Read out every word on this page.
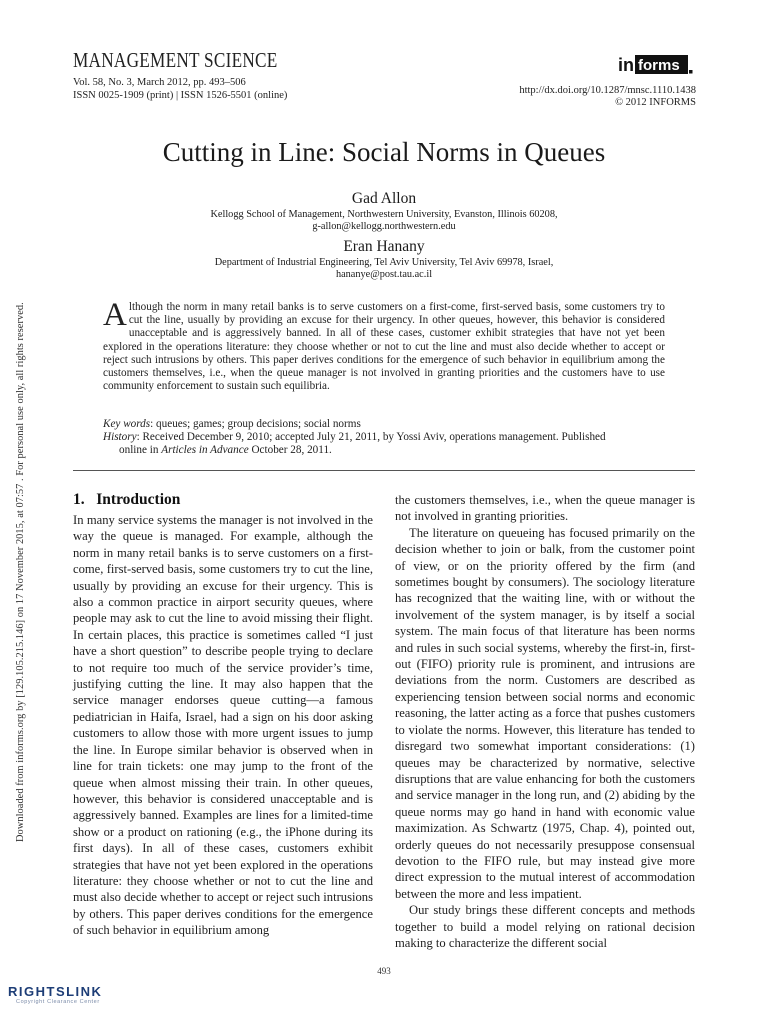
Downloaded from informs.org by [129.105.215.146] on 17 November 2015, at 07:57 . For personal use only, all rights reserved.
MANAGEMENT SCIENCE
Vol. 58, No. 3, March 2012, pp. 493–506
ISSN 0025-1909 (print) | ISSN 1526-5501 (online)
in forms
http://dx.doi.org/10.1287/mnsc.1110.1438
© 2012 INFORMS
Cutting in Line: Social Norms in Queues
Gad Allon
Kellogg School of Management, Northwestern University, Evanston, Illinois 60208,
g-allon@kellogg.northwestern.edu
Eran Hanany
Department of Industrial Engineering, Tel Aviv University, Tel Aviv 69978, Israel,
hananye@post.tau.ac.il
Although the norm in many retail banks is to serve customers on a first-come, first-served basis, some customers try to cut the line, usually by providing an excuse for their urgency. In other queues, however, this behavior is considered unacceptable and is aggressively banned. In all of these cases, customer exhibit strategies that have not yet been explored in the operations literature: they choose whether or not to cut the line and must also decide whether to accept or reject such intrusions by others. This paper derives conditions for the emergence of such behavior in equilibrium among the customers themselves, i.e., when the queue manager is not involved in granting priorities and the customers have to use community enforcement to sustain such equilibria.
Key words: queues; games; group decisions; social norms
History: Received December 9, 2010; accepted July 21, 2011, by Yossi Aviv, operations management. Published
online in Articles in Advance October 28, 2011.
1. Introduction

In many service systems the manager is not involved in the way the queue is managed. For example, although the norm in many retail banks is to serve customers on a first-come, first-served basis, some customers try to cut the line, usually by providing an excuse for their urgency. This is also a common practice in airport security queues, where people may ask to cut the line to avoid missing their flight. In certain places, this practice is sometimes called “I just have a short question” to describe people trying to declare to not require too much of the service provider’s time, justifying cutting the line. It may also happen that the service manager endorses queue cutting—a famous pediatrician in Haifa, Israel, had a sign on his door asking customers to allow those with more urgent issues to jump the line. In Europe similar behavior is observed when in line for train tickets: one may jump to the front of the queue when almost missing their train. In other queues, however, this behavior is considered unacceptable and is aggressively banned. Examples are lines for a limited-time show or a product on rationing (e.g., the iPhone during its first days). In all of these cases, customers exhibit strategies that have not yet been explored in the operations literature: they choose whether or not to cut the line and must also decide whether to accept or reject such intrusions by others. This paper derives conditions for the emergence of such behavior in equilibrium among

the customers themselves, i.e., when the queue manager is not involved in granting priorities.

The literature on queueing has focused primarily on the decision whether to join or balk, from the customer point of view, or on the priority offered by the firm (and sometimes bought by consumers). The sociology literature has recognized that the waiting line, with or without the involvement of the system manager, is by itself a social system. The main focus of that literature has been norms and rules in such social systems, whereby the first-in, first-out (FIFO) priority rule is prominent, and intrusions are deviations from the norm. Customers are described as experiencing tension between social norms and economic reasoning, the latter acting as a force that pushes customers to violate the norms. However, this literature has tended to disregard two somewhat important considerations: (1) queues may be characterized by normative, selective disruptions that are value enhancing for both the customers and service manager in the long run, and (2) abiding by the queue norms may go hand in hand with economic value maximization. As Schwartz (1975, Chap. 4), pointed out, orderly queues do not necessarily presuppose consensual devotion to the FIFO rule, but may instead give more direct expression to the mutual interest of accommodation between the more and less impatient.

Our study brings these different concepts and methods together to build a model relying on rational decision making to characterize the different social

493
RIGHTSLINK
Copyright Clearance Center
